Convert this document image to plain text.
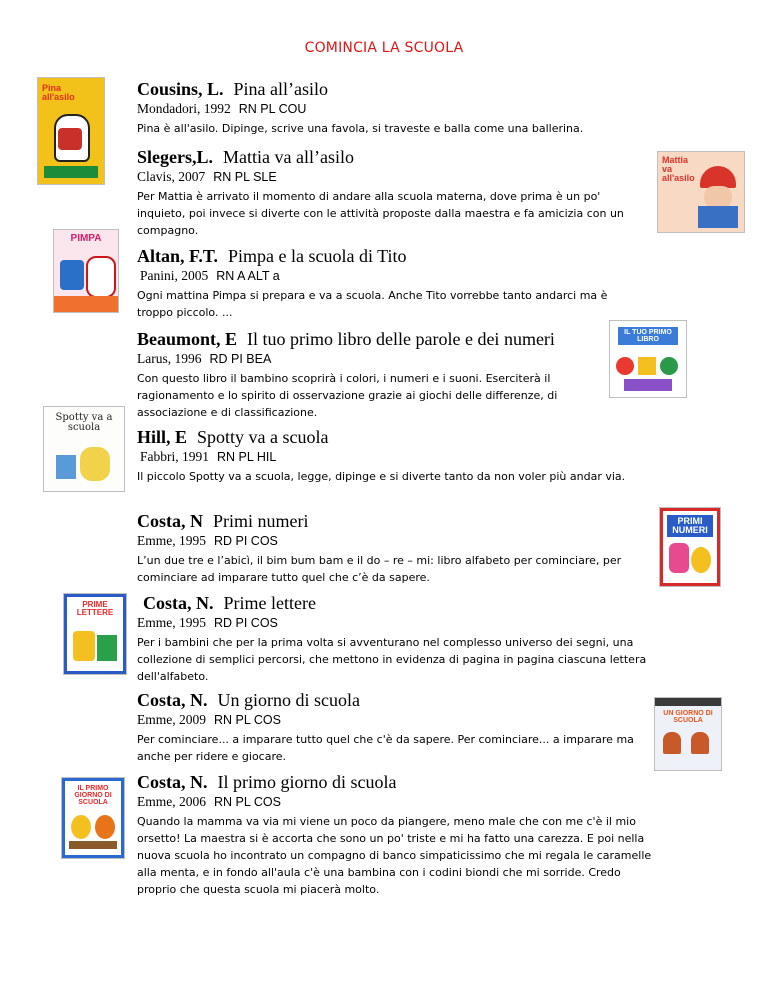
COMINCIA LA SCUOLA
Cousins, L. Pina all’asilo
Mondadori, 1992 RN PL COU
Pina è all'asilo. Dipinge, scrive una favola, si traveste e balla come una ballerina.
Slegers,L. Mattia va all’asilo
Clavis, 2007 RN PL SLE
Per Mattia è arrivato il momento di andare alla scuola materna, dove prima è un po' inquieto, poi invece si diverte con le attività proposte dalla maestra e fa amicizia con un compagno.
Altan, F.T. Pimpa e la scuola di Tito
Panini, 2005 RN A ALT a
Ogni mattina Pimpa si prepara e va a scuola. Anche Tito vorrebbe tanto andarci ma è troppo piccolo. ...
Beaumont, E Il tuo primo libro delle parole e dei numeri
Larus, 1996 RD PI BEA
Con questo libro il bambino scoprirà i colori, i numeri e i suoni. Eserciterà il ragionamento e lo spirito di osservazione grazie ai giochi delle differenze, di associazione e di classificazione.
Hill, E Spotty va a scuola
Fabbri, 1991 RN PL HIL
Il piccolo Spotty va a scuola, legge, dipinge e si diverte tanto da non voler più andar via.
Costa, N Primi numeri
Emme, 1995 RD PI COS
L’un due tre e l’abicì, il bim bum bam e il do – re – mi: libro alfabeto per cominciare, per cominciare ad imparare tutto quel che c’è da sapere.
Costa, N. Prime lettere
Emme, 1995 RD PI COS
Per i bambini che per la prima volta si avventurano nel complesso universo dei segni, una collezione di semplici percorsi, che mettono in evidenza di pagina in pagina ciascuna lettera dell'alfabeto.
Costa, N. Un giorno di scuola
Emme, 2009 RN PL COS
Per cominciare... a imparare tutto quel che c'è da sapere. Per cominciare... a imparare ma anche per ridere e giocare.
Costa, N. Il primo giorno di scuola
Emme, 2006 RN PL COS
Quando la mamma va via mi viene un poco da piangere, meno male che con me c'è il mio orsetto! La maestra si è accorta che sono un po' triste e mi ha fatto una carezza. E poi nella nuova scuola ho incontrato un compagno di banco simpaticissimo che mi regala le caramelle alla menta, e in fondo all'aula c'è una bambina con i codini biondi che mi sorride. Credo proprio che questa scuola mi piacerà molto.
Pina all'asilo
Mattia va all'asilo
PIMPA
IL TUO PRIMO LIBRO
Spotty va a scuola
PRIMI NUMERI
PRIME LETTERE
UN GIORNO DI SCUOLA
IL PRIMO GIORNO DI SCUOLA
